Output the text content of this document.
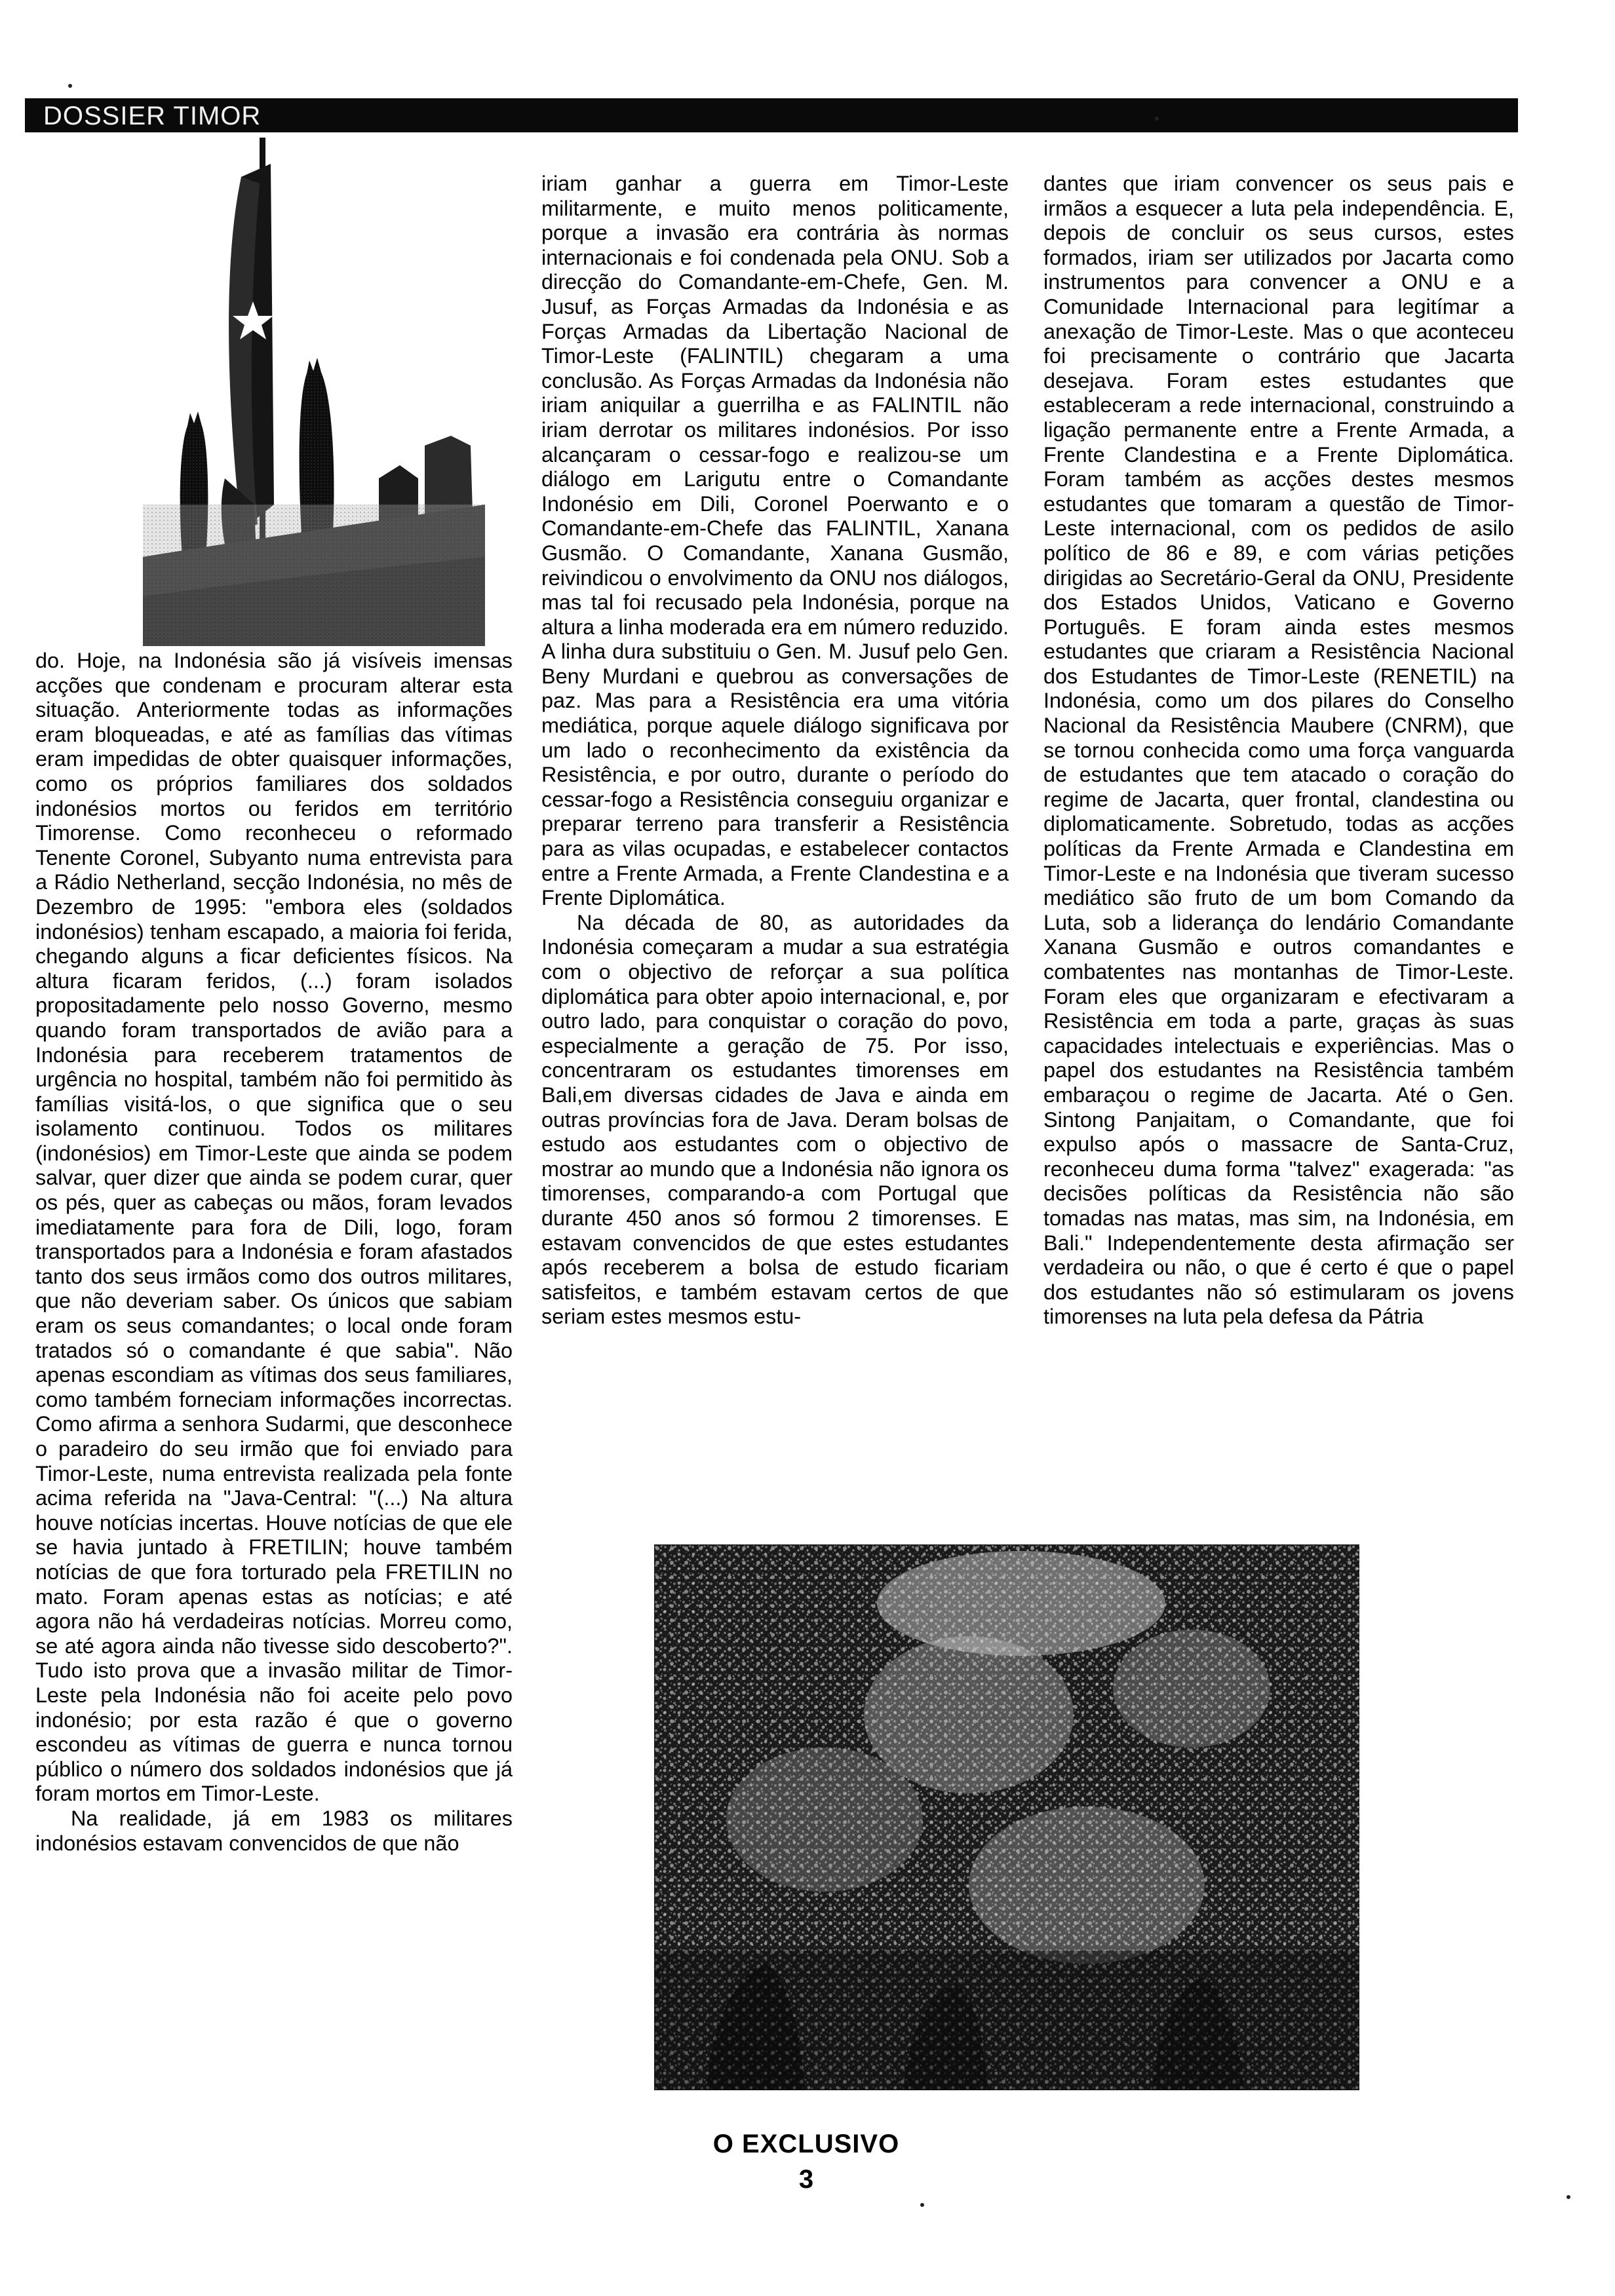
DOSSIER TIMOR

do. Hoje, na Indonésia são já visíveis imensas acções que condenam e procuram alterar esta situação. Anteriormente todas as informações eram bloqueadas, e até as famílias das vítimas eram impedidas de obter quaisquer informações, como os próprios familiares dos soldados indonésios mortos ou feridos em território Timorense. Como reconheceu o reformado Tenente Coronel, Subyanto numa entrevista para a Rádio Netherland, secção Indonésia, no mês de Dezembro de 1995: "embora eles (soldados indonésios) tenham escapado, a maioria foi ferida, chegando alguns a ficar deficientes físicos. Na altura ficaram feridos, (...) foram isolados propositadamente pelo nosso Governo, mesmo quando foram transportados de avião para a Indonésia para receberem tratamentos de urgência no hospital, também não foi permitido às famílias visitá-los, o que significa que o seu isolamento continuou. Todos os militares (indonésios) em Timor-Leste que ainda se podem salvar, quer dizer que ainda se podem curar, quer os pés, quer as cabeças ou mãos, foram levados imediatamente para fora de Dili, logo, foram transportados para a Indonésia e foram afastados tanto dos seus irmãos como dos outros militares, que não deveriam saber. Os únicos que sabiam eram os seus comandantes; o local onde foram tratados só o comandante é que sabia". Não apenas escondiam as vítimas dos seus familiares, como também forneciam informações incorrectas. Como afirma a senhora Sudarmi, que desconhece o paradeiro do seu irmão que foi enviado para Timor-Leste, numa entrevista realizada pela fonte acima referida na "Java-Central: "(...) Na altura houve notícias incertas. Houve notícias de que ele se havia juntado à FRETILIN; houve também notícias de que fora torturado pela FRETILIN no mato. Foram apenas estas as notícias; e até agora não há verdadeiras notícias. Morreu como, se até agora ainda não tivesse sido descoberto?". Tudo isto prova que a invasão militar de Timor-Leste pela Indonésia não foi aceite pelo povo indonésio; por esta razão é que o governo escondeu as vítimas de guerra e nunca tornou público o número dos soldados indonésios que já foram mortos em Timor-Leste.

Na realidade, já em 1983 os militares indonésios estavam convencidos de que não

iriam ganhar a guerra em Timor-Leste militarmente, e muito menos politicamente, porque a invasão era contrária às normas internacionais e foi condenada pela ONU. Sob a direcção do Comandante-em-Chefe, Gen. M. Jusuf, as Forças Armadas da Indonésia e as Forças Armadas da Libertação Nacional de Timor-Leste (FALINTIL) chegaram a uma conclusão. As Forças Armadas da Indonésia não iriam aniquilar a guerrilha e as FALINTIL não iriam derrotar os militares indonésios. Por isso alcançaram o cessar-fogo e realizou-se um diálogo em Larigutu entre o Comandante Indonésio em Dili, Coronel Poerwanto e o Comandante-em-Chefe das FALINTIL, Xanana Gusmão. O Comandante, Xanana Gusmão, reivindicou o envolvimento da ONU nos diálogos, mas tal foi recusado pela Indonésia, porque na altura a linha moderada era em número reduzido. A linha dura substituiu o Gen. M. Jusuf pelo Gen. Beny Murdani e quebrou as conversações de paz. Mas para a Resistência era uma vitória mediática, porque aquele diálogo significava por um lado o reconhecimento da existência da Resistência, e por outro, durante o período do cessar-fogo a Resistência conseguiu organizar e preparar terreno para transferir a Resistência para as vilas ocupadas, e estabelecer contactos entre a Frente Armada, a Frente Clandestina e a Frente Diplomática.

Na década de 80, as autoridades da Indonésia começaram a mudar a sua estratégia com o objectivo de reforçar a sua política diplomática para obter apoio internacional, e, por outro lado, para conquistar o coração do povo, especialmente a geração de 75. Por isso, concentraram os estudantes timorenses em Bali,em diversas cidades de Java e ainda em outras províncias fora de Java. Deram bolsas de estudo aos estudantes com o objectivo de mostrar ao mundo que a Indonésia não ignora os timorenses, comparando-a com Portugal que durante 450 anos só formou 2 timorenses. E estavam convencidos de que estes estudantes após receberem a bolsa de estudo ficariam satisfeitos, e também estavam certos de que seriam estes mesmos estu-

dantes que iriam convencer os seus pais e irmãos a esquecer a luta pela independência. E, depois de concluir os seus cursos, estes formados, iriam ser utilizados por Jacarta como instrumentos para convencer a ONU e a Comunidade Internacional para legitímar a anexação de Timor-Leste. Mas o que aconteceu foi precisamente o contrário que Jacarta desejava. Foram estes estudantes que estableceram a rede internacional, construindo a ligação permanente entre a Frente Armada, a Frente Clandestina e a Frente Diplomática. Foram também as acções destes mesmos estudantes que tomaram a questão de Timor-Leste internacional, com os pedidos de asilo político de 86 e 89, e com várias petições dirigidas ao Secretário-Geral da ONU, Presidente dos Estados Unidos, Vaticano e Governo Português. E foram ainda estes mesmos estudantes que criaram a Resistência Nacional dos Estudantes de Timor-Leste (RENETIL) na Indonésia, como um dos pilares do Conselho Nacional da Resistência Maubere (CNRM), que se tornou conhecida como uma força vanguarda de estudantes que tem atacado o coração do regime de Jacarta, quer frontal, clandestina ou diplomaticamente. Sobretudo, todas as acções políticas da Frente Armada e Clandestina em Timor-Leste e na Indonésia que tiveram sucesso mediático são fruto de um bom Comando da Luta, sob a liderança do lendário Comandante Xanana Gusmão e outros comandantes e combatentes nas montanhas de Timor-Leste. Foram eles que organizaram e efectivaram a Resistência em toda a parte, graças às suas capacidades intelectuais e experiências. Mas o papel dos estudantes na Resistência também embaraçou o regime de Jacarta. Até o Gen. Sintong Panjaitam, o Comandante, que foi expulso após o massacre de Santa-Cruz, reconheceu duma forma "talvez" exagerada: "as decisões políticas da Resistência não são tomadas nas matas, mas sim, na Indonésia, em Bali." Independentemente desta afirmação ser verdadeira ou não, o que é certo é que o papel dos estudantes não só estimularam os jovens timorenses na luta pela defesa da Pátria

O EXCLUSIVO
3
